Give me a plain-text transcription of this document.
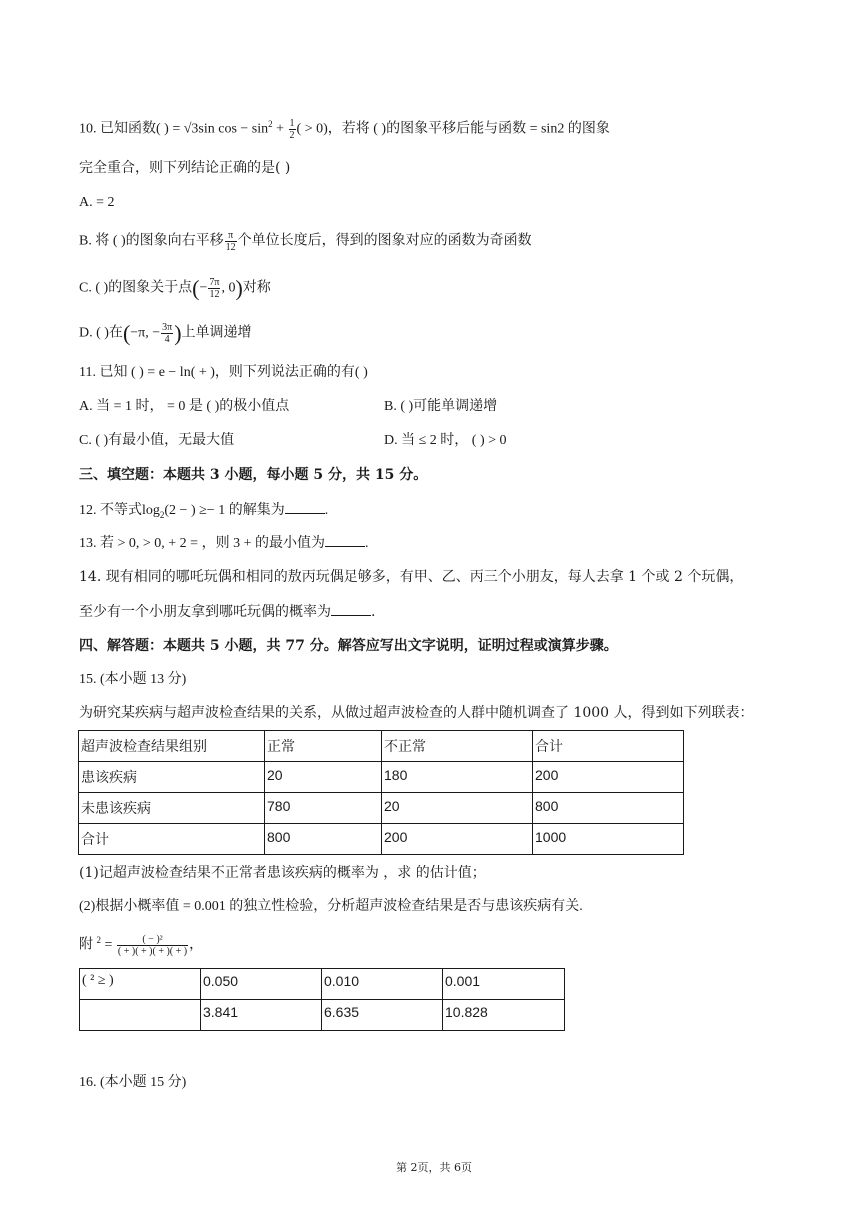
10. 已知函数( ) = √3sin $\cos - \sin^2 + \frac{1}{2}$ ( > 0)，若将 ( )的图象平移后能与函数 = sin2 的图象
完全重合，则下列结论正确的是( )
A. = 2
B. 将 ( )的图象向右平移 $\frac{\pi}{12}$ 个单位长度后，得到的图象对应的函数为奇函数
C. ( )的图象关于点(− $\frac{7\pi}{12}$ , 0)对称
D. ( )在(−π, − $\frac{3\pi}{4}$ )上单调递增
11. 已知 ( ) = e − ln( + )，则下列说法正确的有( )
A. 当 = 1 时， = 0 是 ( )的极小值点	B. ( )可能单调递增
C. ( )有最小值，无最大值	D. 当 ≤ 2 时， ( ) > 0
三、填空题：本题共 3 小题，每小题 5 分，共 15 分。
12. 不等式$\log_2(2$ − ) ≥− 1 的解集为	.
13. 若 > 0, > 0, + 2 = ，则 3 + 的最小值为	.
14. 现有相同的哪吒玩偶和相同的敖丙玩偶足够多，有甲、乙、丙三个小朋友，每人去拿 1 个或 2 个玩偶，
至少有一个小朋友拿到哪吒玩偶的概率为	.
四、解答题：本题共 5 小题，共 77 分。解答应写出文字说明，证明过程或演算步骤。
15. (本小题 13 分)
为研究某疾病与超声波检查结果的关系，从做过超声波检查的人群中随机调查了 1000 人，得到如下列联表：
超声波检查结果组别	正常	不正常	合计
患该疾病	20	180	200
未患该疾病	780	20	800
合计	800	200	1000
(1)记超声波检查结果不正常者患该疾病的概率为 ，求 的估计值；
(2)根据小概率值 = 0.001 的独立性检验，分析超声波检查结果是否与患该疾病有关.
附 $^2 = \frac{\text{( − )²}}{( + )( + )( + )( + )}$ ，
( ² ≥ )	0.050	0.010	0.001
	3.841	6.635	10.828
16. (本小题 15 分)
第 2页，共 6页
